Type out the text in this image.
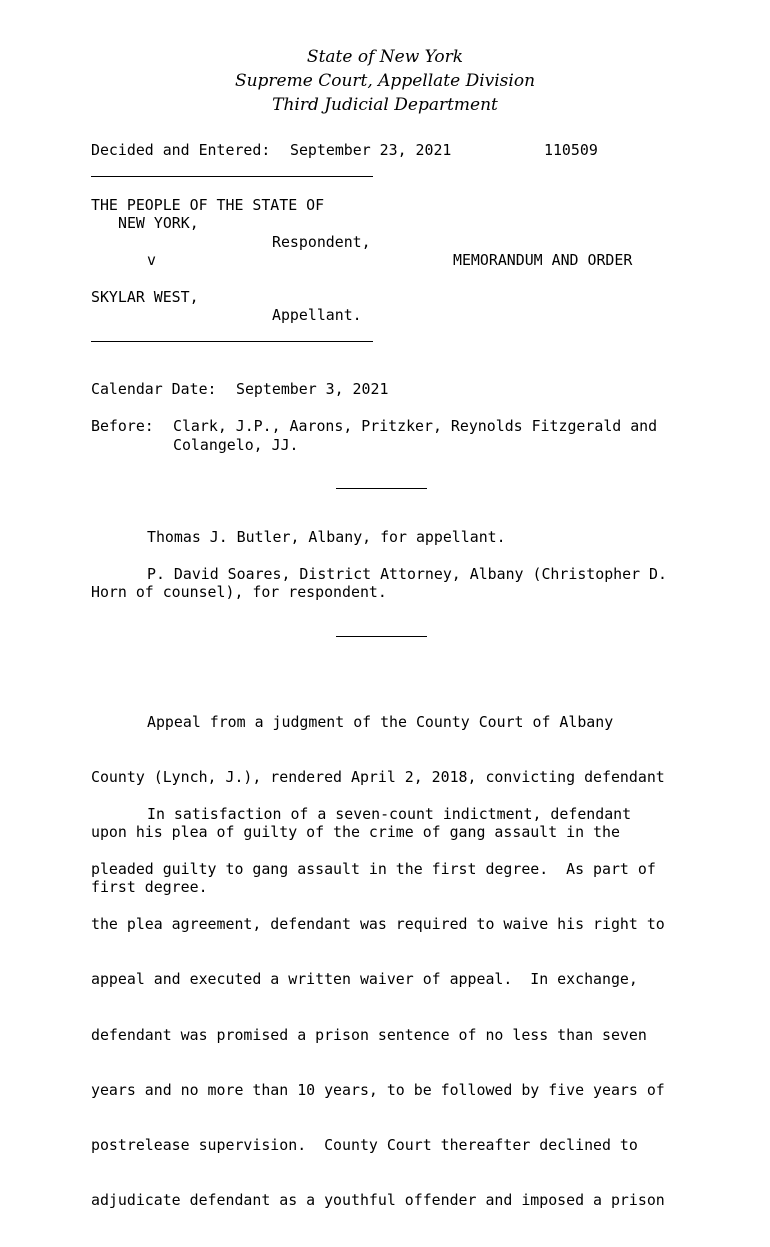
State of New York
Supreme Court, Appellate Division
Third Judicial Department
Decided and Entered: September 23, 2021	110509
THE PEOPLE OF THE STATE OF
NEW YORK,
Respondent,
v	MEMORANDUM AND ORDER
SKYLAR WEST,
Appellant.
Calendar Date: September 3, 2021
Before: Clark, J.P., Aarons, Pritzker, Reynolds Fitzgerald and
Colangelo, JJ.
Thomas J. Butler, Albany, for appellant.
P. David Soares, District Attorney, Albany (Christopher D.
Horn of counsel), for respondent.

Appeal from a judgment of the County Court of Albany

County (Lynch, J.), rendered April 2, 2018, convicting defendant

upon his plea of guilty of the crime of gang assault in the

first degree.

In satisfaction of a seven-count indictment, defendant

pleaded guilty to gang assault in the first degree.  As part of

the plea agreement, defendant was required to waive his right to

appeal and executed a written waiver of appeal.  In exchange,

defendant was promised a prison sentence of no less than seven

years and no more than 10 years, to be followed by five years of

postrelease supervision.  County Court thereafter declined to

adjudicate defendant as a youthful offender and imposed a prison
